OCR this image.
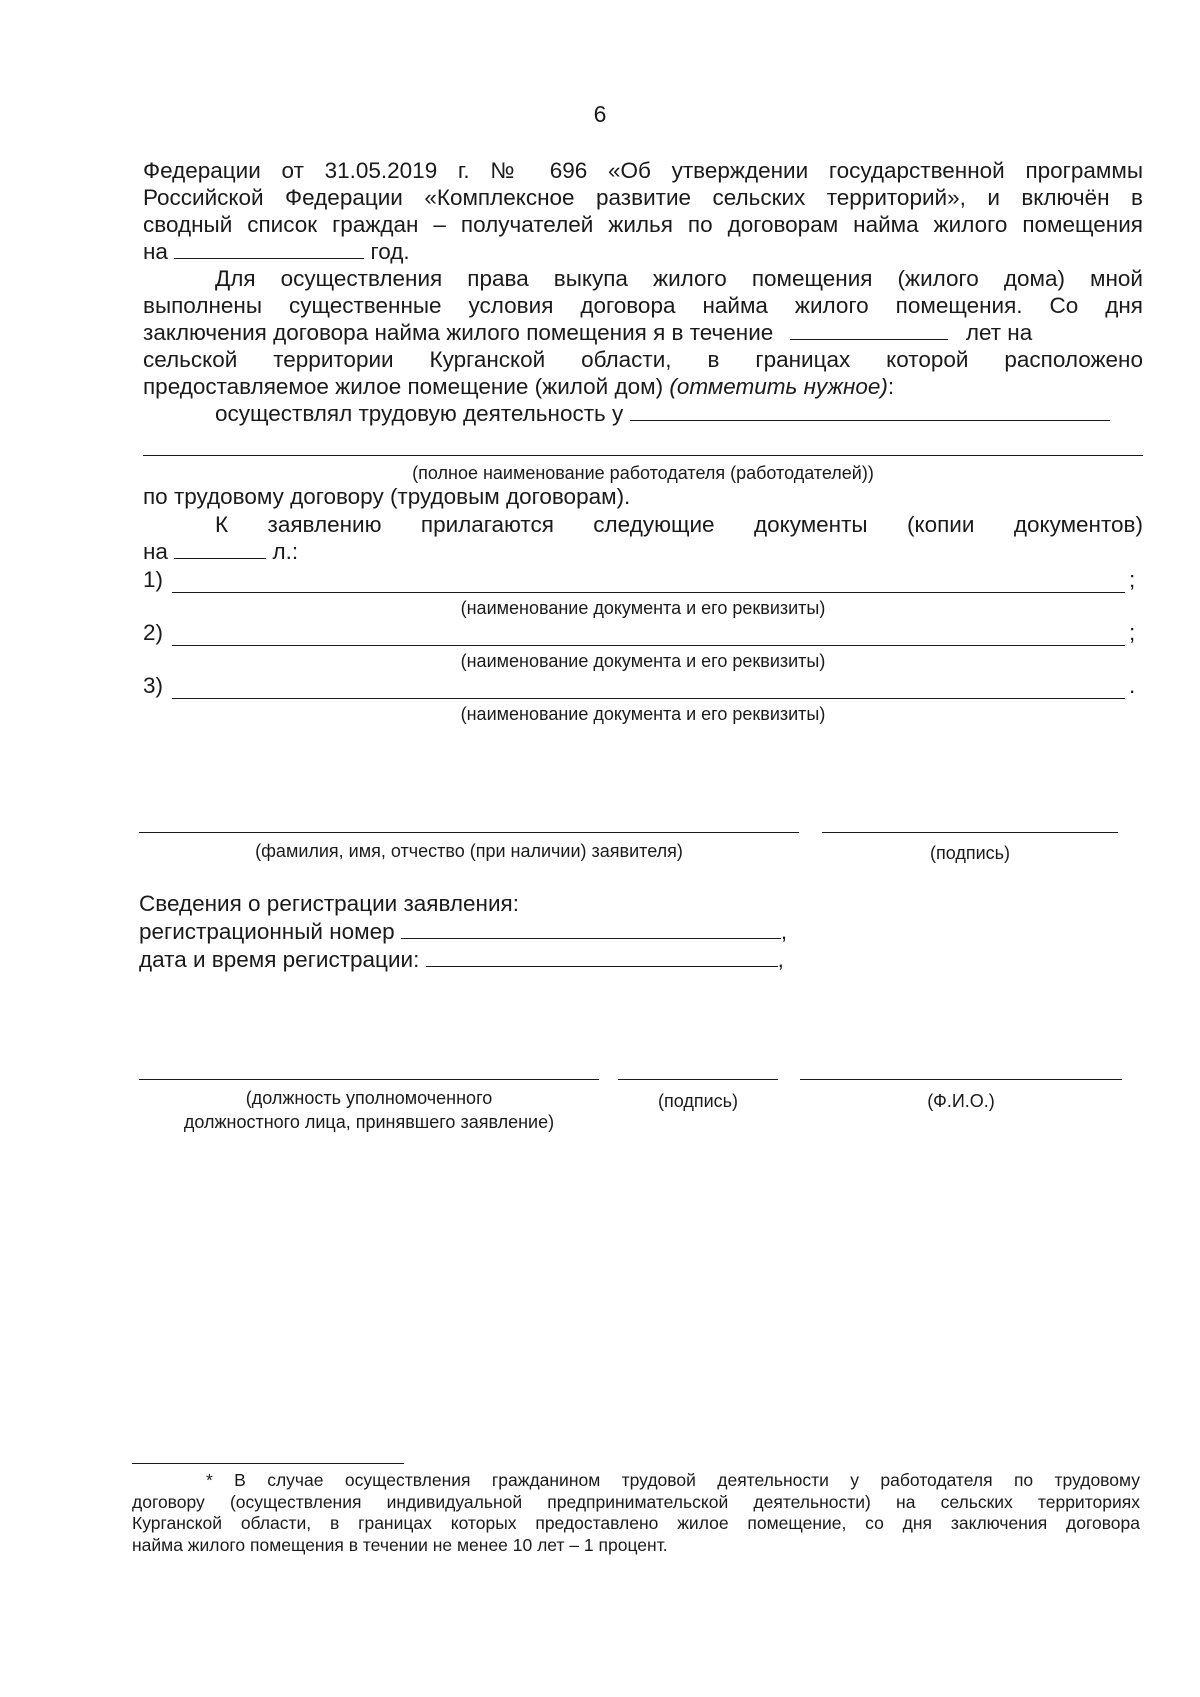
6
Федерации от 31.05.2019 г. № 696 «Об утверждении государственной программы
Российской Федерации «Комплексное развитие сельских территорий», и включён в
сводный список граждан – получателей жилья по договорам найма жилого помещения
на	год.
Для осуществления права выкупа жилого помещения (жилого дома) мной
выполнены существенные условия договора найма жилого помещения. Со дня
заключения договора найма жилого помещения я в течение	лет на
сельской территории Курганской области, в границах которой расположено
предоставляемое жилое помещение (жилой дом) (отметить нужное):
осуществлял трудовую деятельность у
(полное наименование работодателя (работодателей))
по трудовому договору (трудовым договорам).
К заявлению прилагаются следующие документы (копии документов)
на	л.:
1)	;
(наименование документа и его реквизиты)
2)	;
(наименование документа и его реквизиты)
3)	.
(наименование документа и его реквизиты)
(фамилия, имя, отчество (при наличии) заявителя)	(подпись)
Сведения о регистрации заявления:
регистрационный номер	,
дата и время регистрации:	,
(должность уполномоченного
должностного лица, принявшего заявление)
(подпись)	(Ф.И.О.)
* В случае осуществления гражданином трудовой деятельности у работодателя по трудовому
договору (осуществления индивидуальной предпринимательской деятельности) на сельских территориях
Курганской области, в границах которых предоставлено жилое помещение, со дня заключения договора
найма жилого помещения в течении не менее 10 лет – 1 процент.
